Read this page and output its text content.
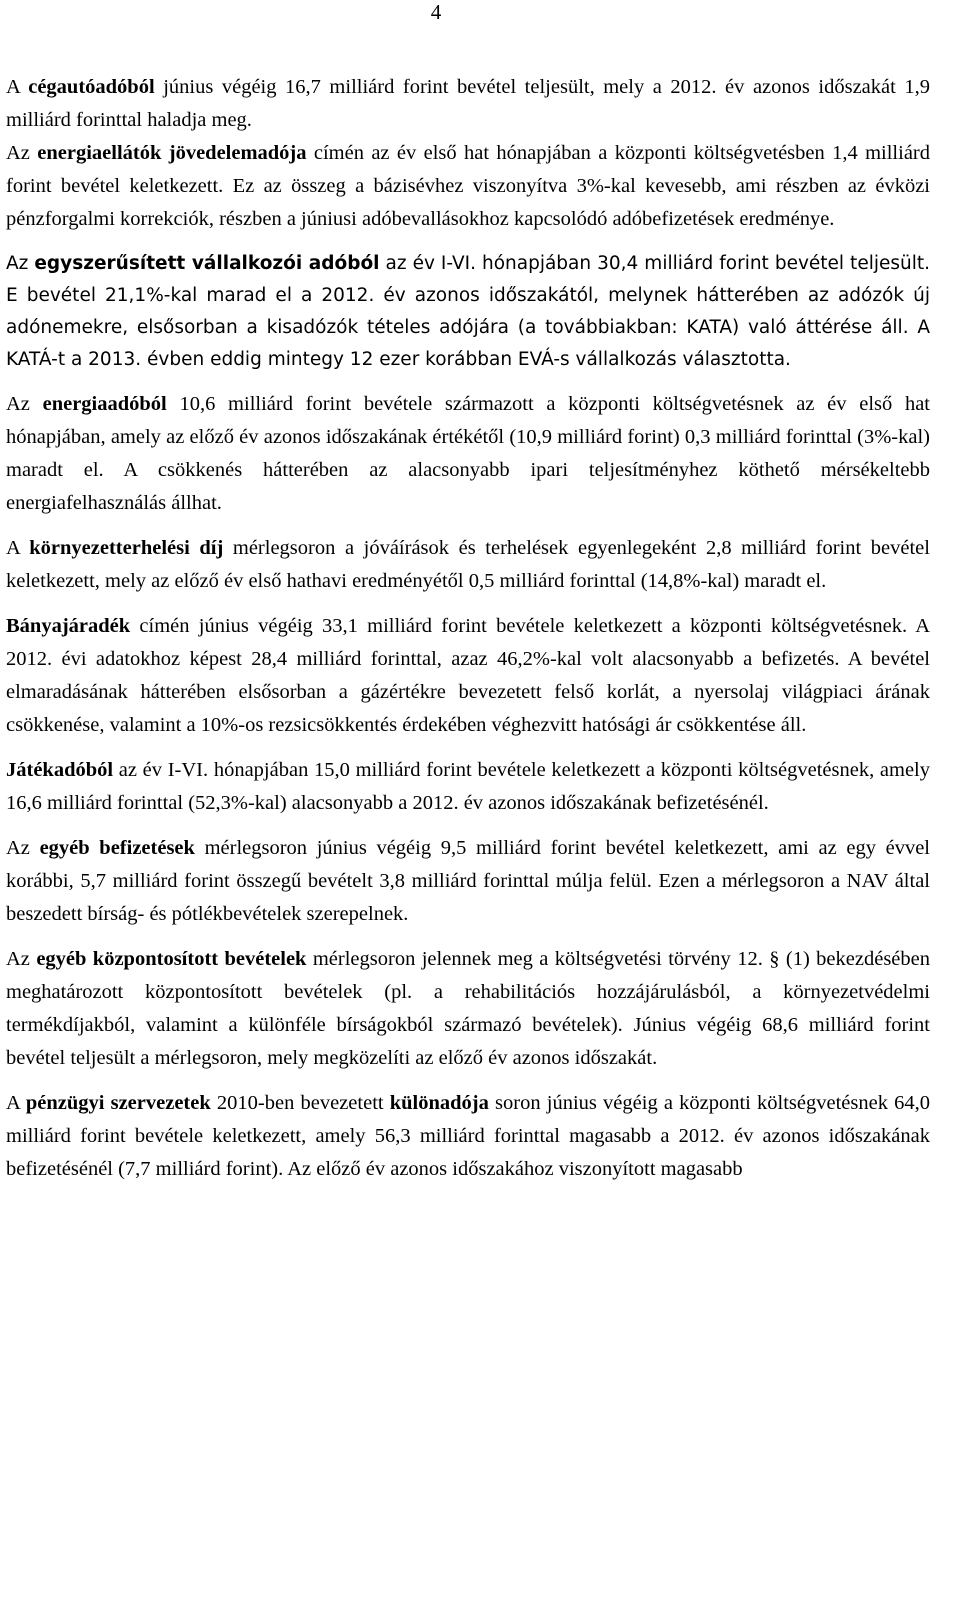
4

A cégautóadóból június végéig 16,7 milliárd forint bevétel teljesült, mely a 2012. év azonos időszakát 1,9 milliárd forinttal haladja meg.

Az energiaellátók jövedelemadója címén az év első hat hónapjában a központi költségvetésben 1,4 milliárd forint bevétel keletkezett. Ez az összeg a bázisévhez viszonyítva 3%-kal kevesebb, ami részben az évközi pénzforgalmi korrekciók, részben a júniusi adóbevallásokhoz kapcsolódó adóbefizetések eredménye.

Az egyszerűsített vállalkozói adóból az év I-VI. hónapjában 30,4 milliárd forint bevétel teljesült. E bevétel 21,1%-kal marad el a 2012. év azonos időszakától, melynek hátterében az adózók új adónemekre, elsősorban a kisadózók tételes adójára (a továbbiakban: KATA) való áttérése áll. A KATÁ-t a 2013. évben eddig mintegy 12 ezer korábban EVÁ-s vállalkozás választotta.

Az energiaadóból 10,6 milliárd forint bevétele származott a központi költségvetésnek az év első hat hónapjában, amely az előző év azonos időszakának értékétől (10,9 milliárd forint) 0,3 milliárd forinttal (3%-kal) maradt el. A csökkenés hátterében az alacsonyabb ipari teljesítményhez köthető mérsékeltebb energiafelhasználás állhat.

A környezetterhelési díj mérlegsoron a jóváírások és terhelések egyenlegeként 2,8 milliárd forint bevétel keletkezett, mely az előző év első hathavi eredményétől 0,5 milliárd forinttal (14,8%-kal) maradt el.

Bányajáradék címén június végéig 33,1 milliárd forint bevétele keletkezett a központi költségvetésnek. A 2012. évi adatokhoz képest 28,4 milliárd forinttal, azaz 46,2%-kal volt alacsonyabb a befizetés. A bevétel elmaradásának hátterében elsősorban a gázértékre bevezetett felső korlát, a nyersolaj világpiaci árának csökkenése, valamint a 10%-os rezsicsökkentés érdekében véghezvitt hatósági ár csökkentése áll.

Játékadóból az év I-VI. hónapjában 15,0 milliárd forint bevétele keletkezett a központi költségvetésnek, amely 16,6 milliárd forinttal (52,3%-kal) alacsonyabb a 2012. év azonos időszakának befizetésénél.

Az egyéb befizetések mérlegsoron június végéig 9,5 milliárd forint bevétel keletkezett, ami az egy évvel korábbi, 5,7 milliárd forint összegű bevételt 3,8 milliárd forinttal múlja felül. Ezen a mérlegsoron a NAV által beszedett bírság- és pótlékbevételek szerepelnek.

Az egyéb központosított bevételek mérlegsoron jelennek meg a költségvetési törvény 12. § (1) bekezdésében meghatározott központosított bevételek (pl. a rehabilitációs hozzájárulásból, a környezetvédelmi termékdíjakból, valamint a különféle bírságokból származó bevételek). Június végéig 68,6 milliárd forint bevétel teljesült a mérlegsoron, mely megközelíti az előző év azonos időszakát.

A pénzügyi szervezetek 2010-ben bevezetett különadója soron június végéig a központi költségvetésnek 64,0 milliárd forint bevétele keletkezett, amely 56,3 milliárd forinttal magasabb a 2012. év azonos időszakának befizetésénél (7,7 milliárd forint). Az előző év azonos időszakához viszonyított magasabb
